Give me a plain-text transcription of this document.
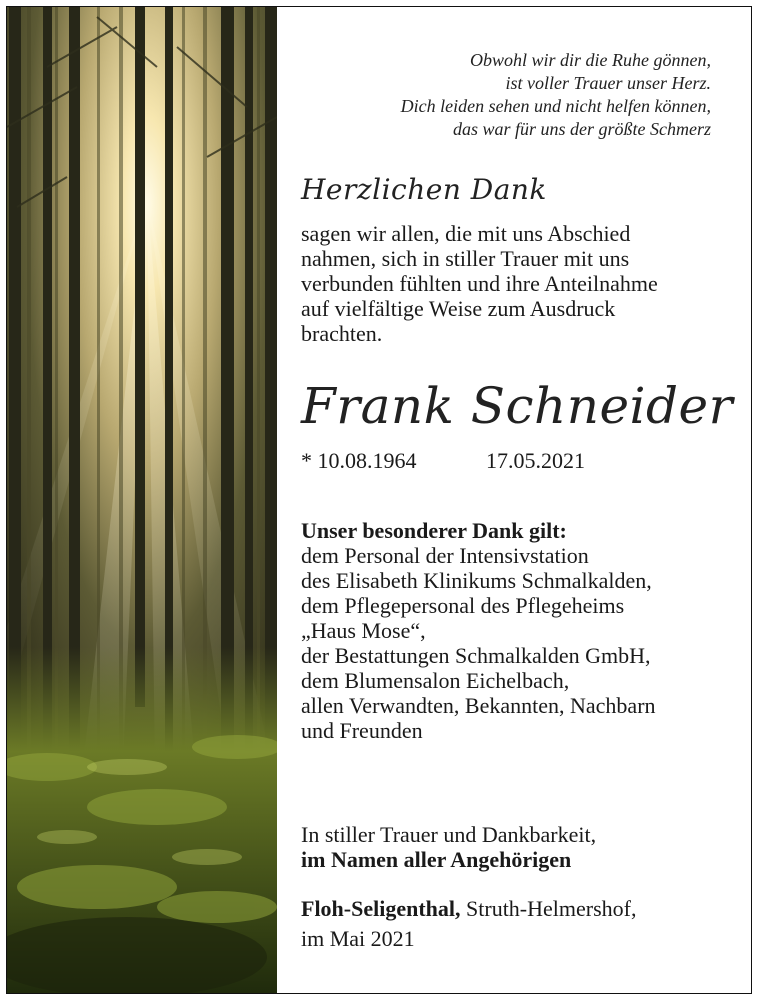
Obwohl wir dir die Ruhe gönnen,
ist voller Trauer unser Herz.
Dich leiden sehen und nicht helfen können,
das war für uns der größte Schmerz
Herzlichen Dank
sagen wir allen, die mit uns Abschied
nahmen, sich in stiller Trauer mit uns
verbunden fühlten und ihre Anteilnahme
auf vielfältige Weise zum Ausdruck
brachten.
Frank Schneider
* 10.08.1964	17.05.2021
Unser besonderer Dank gilt:
dem Personal der Intensivstation
des Elisabeth Klinikums Schmalkalden,
dem Pflegepersonal des Pflegeheims
„Haus Mose“,
der Bestattungen Schmalkalden GmbH,
dem Blumensalon Eichelbach,
allen Verwandten, Bekannten, Nachbarn
und Freunden
In stiller Trauer und Dankbarkeit,
im Namen aller Angehörigen
Floh-Seligenthal, Struth-Helmershof,
im Mai 2021
